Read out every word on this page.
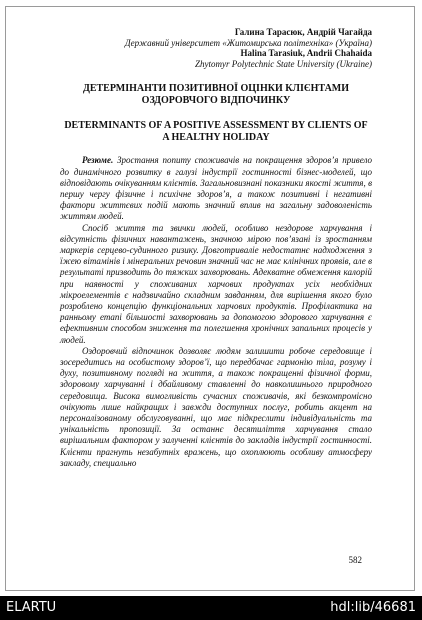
Галина Тарасюк, Андрій Чагайда
Державний університет «Житомирська політехніка» (Україна)
Halina Tarasiuk, Andrii Chahaida
Zhytomyr Polytechnic State University (Ukraine)
ДЕТЕРМІНАНТИ ПОЗИТИВНОЇ ОЦІНКИ КЛІЄНТАМИ ОЗДОРОВЧОГО ВІДПОЧИНКУ
DETERMINANTS OF A POSITIVE ASSESSMENT BY CLIENTS OF A HEALTHY HOLIDAY

Резюме. Зростання попиту споживачів на покращення здоров’я привело до динамічного розвитку в галузі індустрії гостинності бізнес-моделей, що відповідають очікуванням клієнтів. Загальновизнані показники якості життя, в першу чергу фізичне і психічне здоров’я, а також позитивні і негативні фактори життєвих подій мають значний вплив на загальну задоволеність життям людей.

Спосіб життя та звички людей, особливо нездорове харчування і відсутність фізичних навантажень, значною мірою пов’язані із зростанням маркерів серцево-судинного ризику. Довготриваліе недостатнє надходження з їжею вітамінів і мінеральних речовин значний час не має клінічних проявів, але в результаті призводить до тяжких захворювань. Адекватне обмеження калорій при наявності у споживаних харчових продуктах усіх необхідних мікроелементів є надзвичайно складним завданням, для вирішення якого було розроблено концепцію функціональних харчових продуктів. Профілактика на ранньому етапі більшості захворювань за допомогою здорового харчування є ефективним способом зниження та полегшення хронічних запальних процесів у людей.

Оздоровчий відпочинок дозволяє людям залишити робоче середовище і зосередитись на особистому здоров’ї, що передбачає гармонію тіла, розуму і духу, позитивному погляді на життя, а також покращенні фізичної форми, здоровому харчуванні і дбайливому ставленні до навколишнього природного середовища. Висока вимогливість сучасних споживачів, які безкомпромісно очікують лише найкращих і завжди доступних послуг, робить акцент на персоналізованому обслуговуванні, що має підкреслити індивідуальність та унікальність пропозиції. За останнє десятиліття харчування стало вирішальним фактором у залученні клієнтів до закладів індустрії гостинності. Клієнти прагнуть незабутніх вражень, що охоплюють особливу атмосферу закладу, специально

582
ELARTU	hdl:lib/46681
